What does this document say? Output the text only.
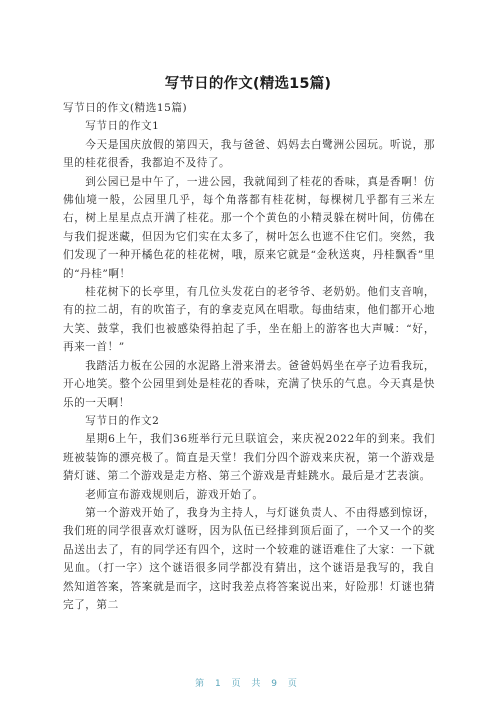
写节日的作文(精选15篇)

写节日的作文(精选15篇)

写节日的作文1

今天是国庆放假的第四天，我与爸爸、妈妈去白鹭洲公园玩。听说，那里的桂花很香，我都迫不及待了。

到公园已是中午了，一进公园，我就闻到了桂花的香味，真是香啊！仿佛仙境一般，公园里几乎，每个角落都有桂花树，每棵树几乎都有三米左右，树上星星点点开满了桂花。那一个个黄色的小精灵躲在树叶间，仿佛在与我们捉迷藏，但因为它们实在太多了，树叶怎么也遮不住它们。突然，我们发现了一种开橘色花的桂花树，哦，原来它就是“金秋送爽，丹桂飘香”里的“丹桂”啊！

桂花树下的长亭里，有几位头发花白的老爷爷、老奶奶。他们支音响，有的拉二胡，有的吹笛子，有的拿麦克风在唱歌。每曲结束，他们都开心地大笑、鼓掌，我们也被感染得拍起了手，坐在船上的游客也大声喊：“好，再来一首！”

我踏活力板在公园的水泥路上滑来滑去。爸爸妈妈坐在亭子边看我玩，开心地笑。整个公园里到处是桂花的香味，充满了快乐的气息。今天真是快乐的一天啊！

写节日的作文2

星期6上午，我们36班举行元旦联谊会，来庆祝2022年的到来。我们班被装饰的漂亮极了。简直是天堂！我们分四个游戏来庆祝，第一个游戏是猜灯谜、第二个游戏是走方格、第三个游戏是青蛙跳水。最后是才艺表演。

老师宣布游戏规则后，游戏开始了。

第一个游戏开始了，我身为主持人，与灯谜负责人、不由得感到惊讶，我们班的同学很喜欢灯谜呀，因为队伍已经排到顶后面了，一个又一个的奖品送出去了，有的同学还有四个，这时一个较难的谜语难住了大家：一下就见血。（打一字）这个谜语很多同学都没有猜出，这个谜语是我写的，我自然知道答案，答案就是而字，这时我差点将答案说出来，好险那！灯谜也猜完了，第二

第 1 页 共 9 页
